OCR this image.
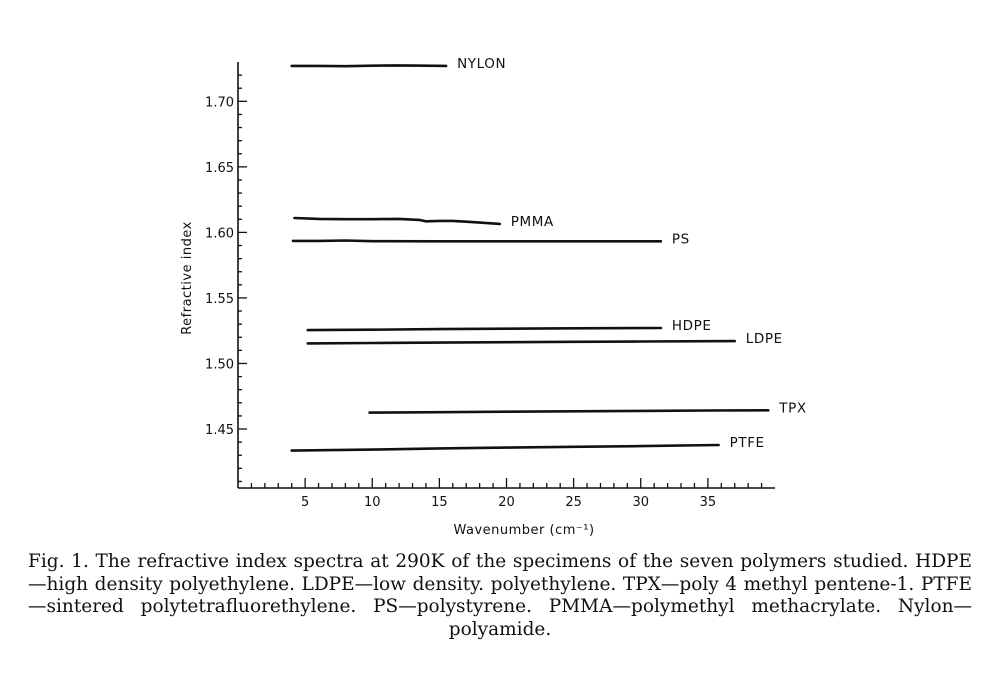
5	10	15	20	25	30	35
1.45
1.50
1.55
1.60
1.65
1.70
NYLON
PMMA
PS
HDPE
LDPE
TPX
PTFE
Refractive index
Wavenumber (cm⁻¹)
Fig. 1. The refractive index spectra at 290K of the specimens of the seven polymers studied. HDPE—high density polyethylene. LDPE—low density. polyethylene. TPX—poly 4 methyl pentene-1. PTFE—sintered polytetrafluorethylene. PS—polystyrene. PMMA—polymethyl methacrylate. Nylon—polyamide.
